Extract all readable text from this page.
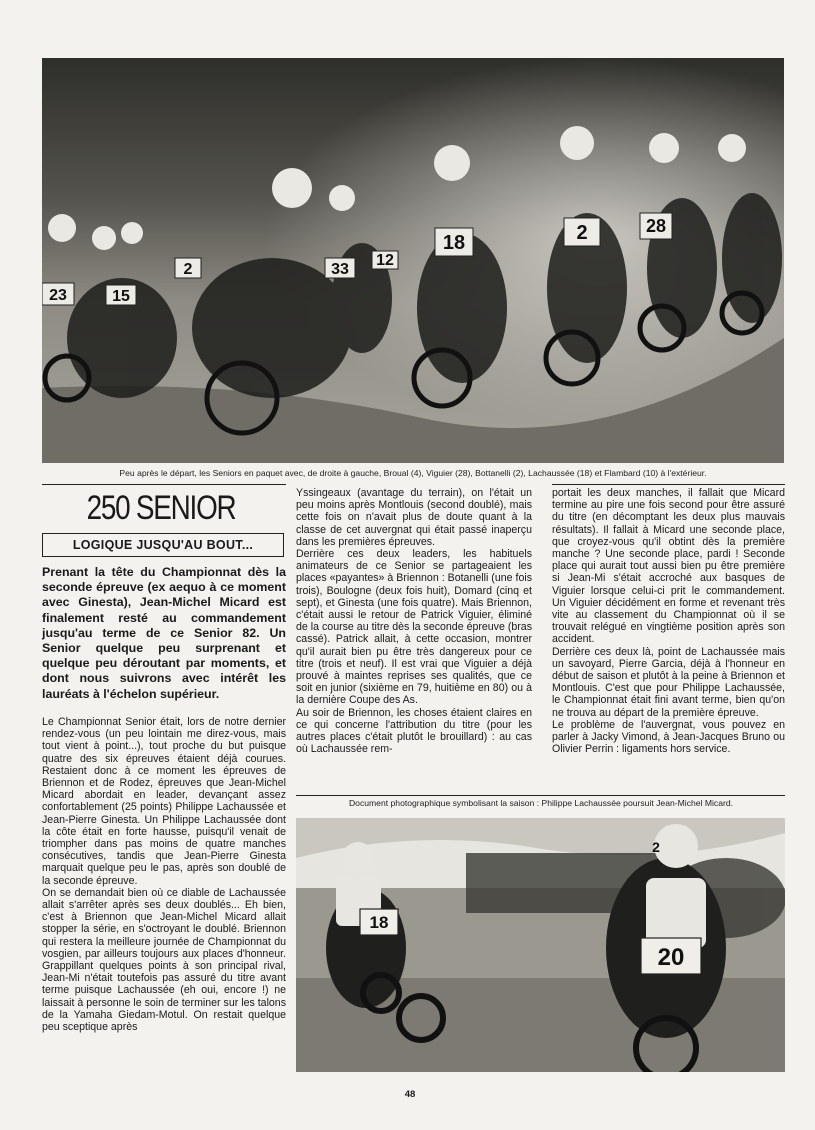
23	15
2	33
12
18	2	28
Peu après le départ, les Seniors en paquet avec, de droite à gauche, Broual (4), Viguier (28), Bottanelli (2), Lachaussée (18) et Flambard (10) à l'extérieur.
250 SENIOR
LOGIQUE JUSQU'AU BOUT...
Prenant la tête du Championnat dès la seconde épreuve (ex aequo à ce moment avec Ginesta), Jean-Michel Micard est finalement resté au commandement jusqu'au terme de ce Senior 82. Un Senior quelque peu surprenant et quelque peu déroutant par moments, et dont nous suivrons avec intérêt les lauréats à l'échelon supérieur.

Le Championnat Senior était, lors de notre dernier rendez-vous (un peu lointain me direz-vous, mais tout vient à point...), tout proche du but puisque quatre des six épreuves étaient déjà courues. Restaient donc à ce moment les épreuves de Briennon et de Rodez, épreuves que Jean-Michel Micard abordait en leader, devançant assez confortablement (25 points) Philippe Lachaussée et Jean-Pierre Ginesta. Un Philippe Lachaussée dont la côte était en forte hausse, puisqu'il venait de triompher dans pas moins de quatre manches consécutives, tandis que Jean-Pierre Ginesta marquait quelque peu le pas, après son doublé de la seconde épreuve.

On se demandait bien où ce diable de Lachaussée allait s'arrêter après ses deux doublés... Eh bien, c'est à Briennon que Jean-Michel Micard allait stopper la série, en s'octroyant le doublé. Briennon qui restera la meilleure journée de Championnat du vosgien, par ailleurs toujours aux places d'honneur. Grappillant quelques points à son principal rival, Jean-Mi n'était toutefois pas assuré du titre avant terme puisque Lachaussée (eh oui, encore !) ne laissait à personne le soin de terminer sur les talons de la Yamaha Giedam-Motul. On restait quelque peu sceptique après

Yssingeaux (avantage du terrain), on l'était un peu moins après Montlouis (second doublé), mais cette fois on n'avait plus de doute quant à la classe de cet auvergnat qui était passé inaperçu dans les premières épreuves.

Derrière ces deux leaders, les habituels animateurs de ce Senior se partageaient les places «payantes» à Briennon : Botanelli (une fois trois), Boulogne (deux fois huit), Domard (cinq et sept), et Ginesta (une fois quatre). Mais Briennon, c'était aussi le retour de Patrick Viguier, éliminé de la course au titre dès la seconde épreuve (bras cassé). Patrick allait, à cette occasion, montrer qu'il aurait bien pu être très dangereux pour ce titre (trois et neuf). Il est vrai que Viguier a déjà prouvé à maintes reprises ses qualités, que ce soit en junior (sixième en 79, huitième en 80) ou à la dernière Coupe des As.

Au soir de Briennon, les choses étaient claires en ce qui concerne l'attribution du titre (pour les autres places c'était plutôt le brouillard) : au cas où Lachaussée rem-

portait les deux manches, il fallait que Micard termine au pire une fois second pour être assuré du titre (en décomptant les deux plus mauvais résultats). Il fallait à Micard une seconde place, que croyez-vous qu'il obtint dès la première manche ? Une seconde place, pardi ! Seconde place qui aurait tout aussi bien pu être première si Jean-Mi s'était accroché aux basques de Viguier lorsque celui-ci prit le commandement. Un Viguier décidément en forme et revenant très vite au classement du Championnat où il se trouvait relégué en vingtième position après son accident.

Derrière ces deux là, point de Lachaussée mais un savoyard, Pierre Garcia, déjà à l'honneur en début de saison et plutôt à la peine à Briennon et Montlouis. C'est que pour Philippe Lachaussée, le Championnat était fini avant terme, bien qu'on ne trouva au départ de la première épreuve.

Le problème de l'auvergnat, vous pouvez en parler à Jacky Vimond, à Jean-Jacques Bruno ou Olivier Perrin : ligaments hors service.

Document photographique symbolisant la saison : Philippe Lachaussée poursuit Jean-Michel Micard.
18
20
2
48
